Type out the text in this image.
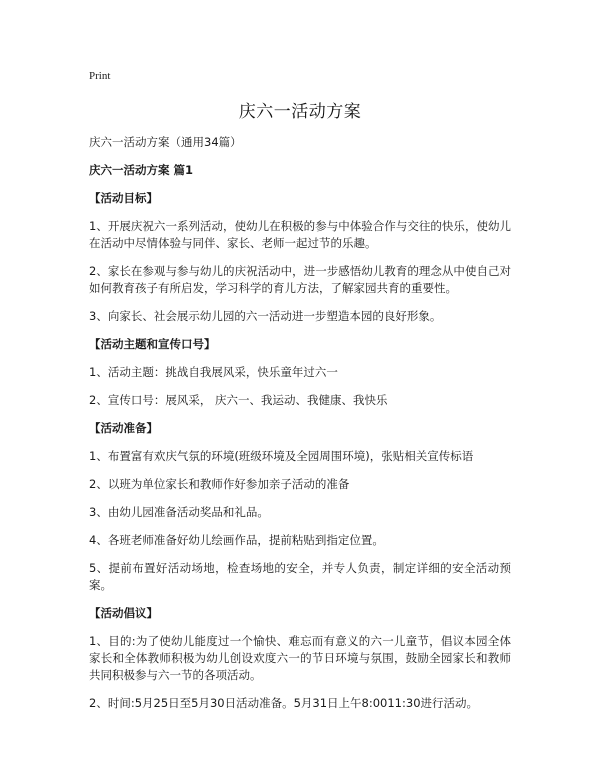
Print
庆六一活动方案

庆六一活动方案（通用34篇）

庆六一活动方案 篇1

【活动目标】

1、开展庆祝六一系列活动，使幼儿在积极的参与中体验合作与交往的快乐，使幼儿在活动中尽情体验与同伴、家长、老师一起过节的乐趣。

2、家长在参观与参与幼儿的庆祝活动中，进一步感悟幼儿教育的理念从中使自己对如何教育孩子有所启发，学习科学的育儿方法，了解家园共育的重要性。

3、向家长、社会展示幼儿园的六一活动进一步塑造本园的良好形象。

【活动主题和宣传口号】

1、活动主题：挑战自我展风采，快乐童年过六一

2、宣传口号：展风采， 庆六一、我运动、我健康、我快乐

【活动准备】

1、布置富有欢庆气氛的环境(班级环境及全园周围环境)，张贴相关宣传标语

2、以班为单位家长和教师作好参加亲子活动的准备

3、由幼儿园准备活动奖品和礼品。

4、各班老师准备好幼儿绘画作品，提前粘贴到指定位置。

5、提前布置好活动场地，检查场地的安全，并专人负责，制定详细的安全活动预案。

【活动倡议】

1、目的:为了使幼儿能度过一个愉快、难忘而有意义的六一儿童节，倡议本园全体家长和全体教师积极为幼儿创设欢度六一的节日环境与氛围，鼓励全园家长和教师共同积极参与六一节的各项活动。

2、时间:5月25日至5月30日活动准备。5月31日上午8:0011:30进行活动。
